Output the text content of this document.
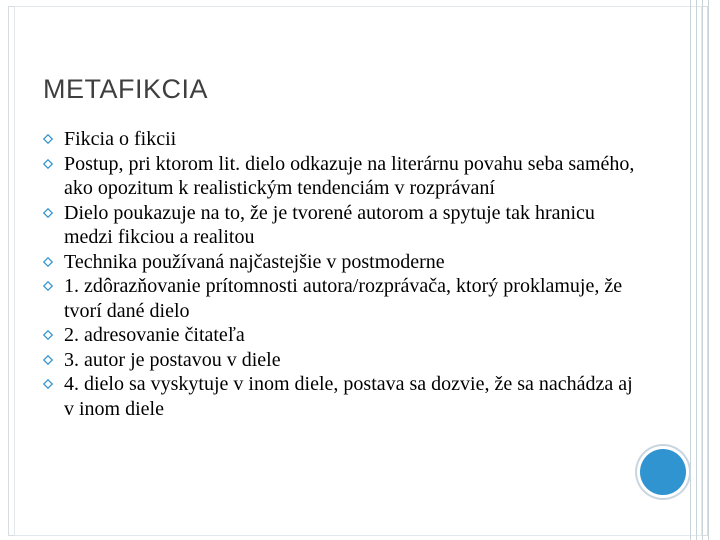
METAFIKCIA
Fikcia o fikcii
Postup, pri ktorom lit. dielo odkazuje na literárnu povahu seba samého, ako opozitum k realistickým tendenciám v rozprávaní
Dielo poukazuje na to, že je tvorené autorom a spytuje tak hranicu medzi fikciou a realitou
Technika používaná najčastejšie v postmoderne
1. zdôrazňovanie prítomnosti autora/rozprávača, ktorý proklamuje, že tvorí dané dielo
2. adresovanie čitateľa
3. autor je postavou v diele
4. dielo sa vyskytuje v inom diele, postava sa dozvie, že sa nachádza aj v inom diele
